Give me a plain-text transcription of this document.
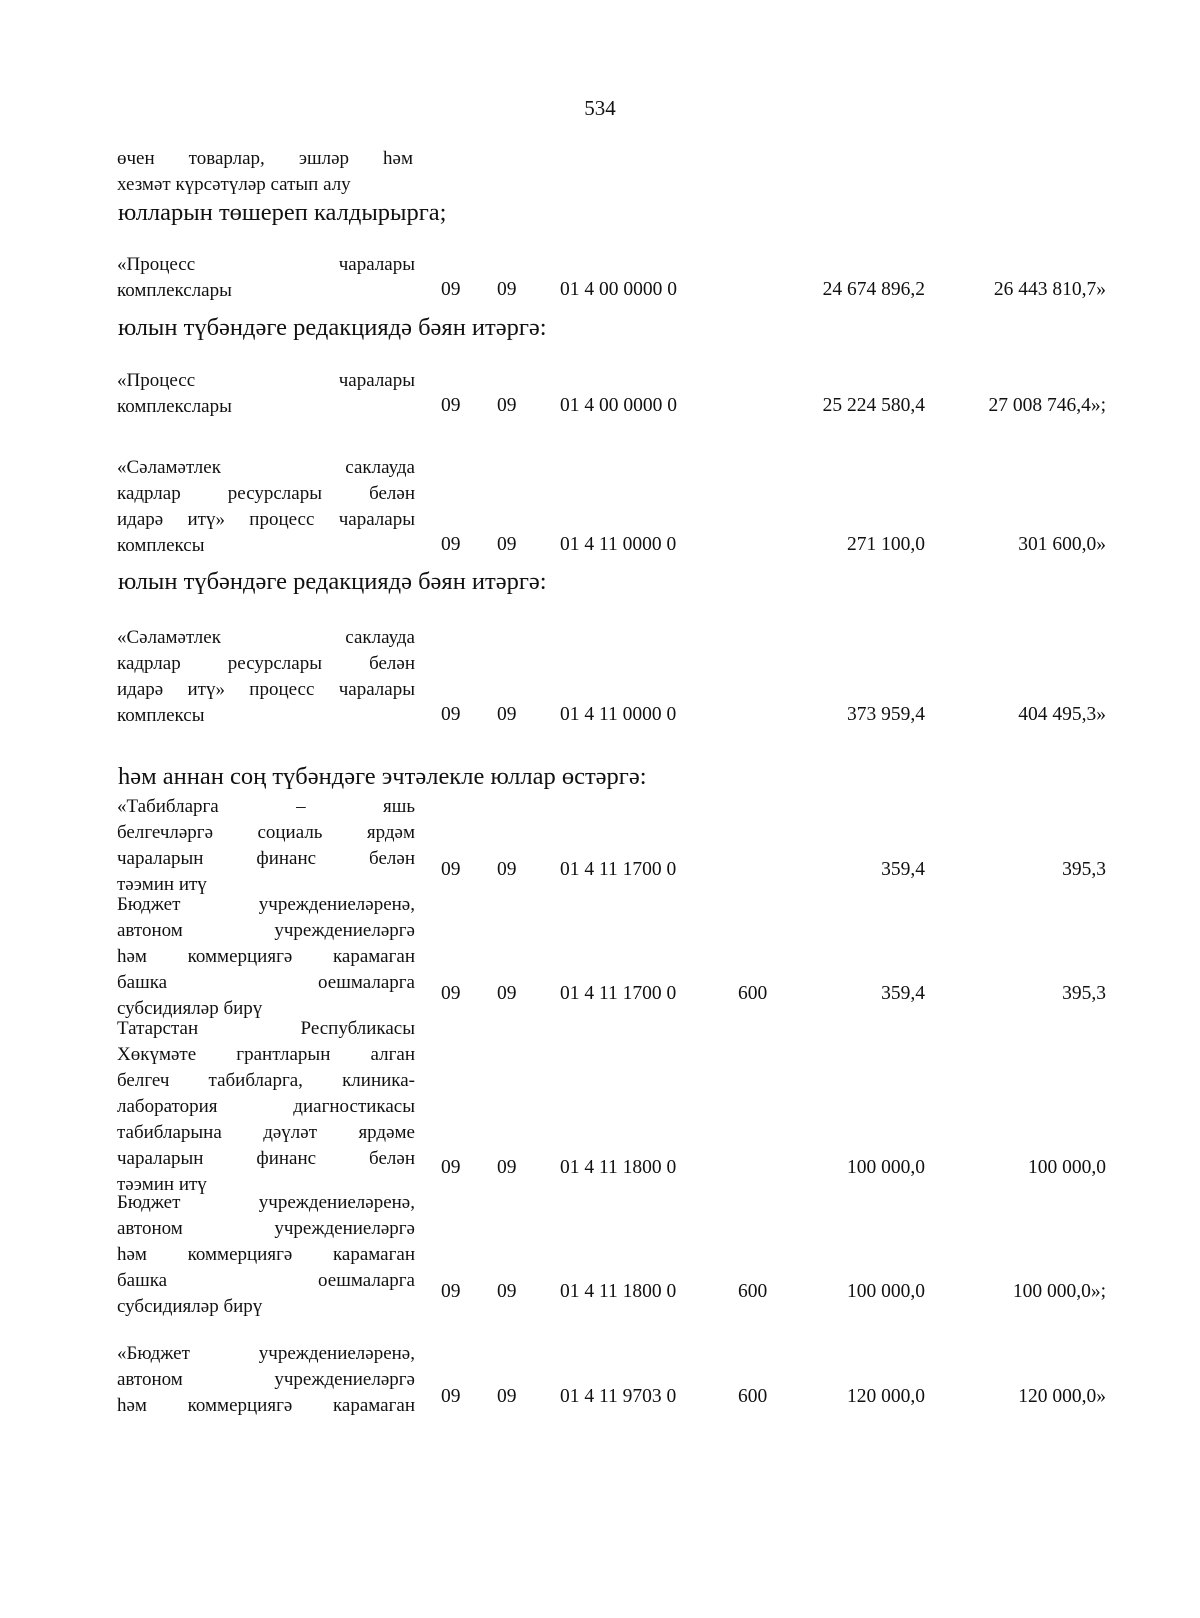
534
өчен товарлар, эшләр һәм
хезмәт күрсәтүләр сатып алу
юлларын төшереп калдырырга;
«Процесс чаралары
комплекслары	09	09	01 4 00 0000 0	24 674 896,2	26 443 810,7»
юлын түбәндәге редакциядә бәян итәргә:
«Процесс чаралары
комплекслары	09	09	01 4 00 0000 0	25 224 580,4	27 008 746,4»;
«Сәламәтлек саклауда
кадрлар ресурслары белән
идарә итү» процесс чаралары
комплексы	09	09	01 4 11 0000 0	271 100,0	301 600,0»
юлын түбәндәге редакциядә бәян итәргә:
«Сәламәтлек саклауда
кадрлар ресурслары белән
идарә итү» процесс чаралары
комплексы	09	09	01 4 11 0000 0	373 959,4	404 495,3»
һәм аннан соң түбәндәге эчтәлекле юллар өстәргә:
«Табибларга – яшь
белгечләргә социаль ярдәм
чараларын финанс белән
тәэмин итү
09	09	01 4 11 1700 0	359,4	395,3
Бюджет учреждениеләренә,
автоном учреждениеләргә
һәм коммерциягә карамаган
башка оешмаларга
субсидияләр бирү
09	09	01 4 11 1700 0	600	359,4	395,3
Татарстан Республикасы
Хөкүмәте грантларын алган
белгеч табибларга, клиника-
лаборатория диагностикасы
табибларына дәүләт ярдәме
чараларын финанс белән
тәэмин итү
09	09	01 4 11 1800 0	100 000,0	100 000,0
Бюджет учреждениеләренә,
автоном учреждениеләргә
һәм коммерциягә карамаган
башка оешмаларга
субсидияләр бирү
09	09	01 4 11 1800 0	600	100 000,0	100 000,0»;
«Бюджет учреждениеләренә,
автоном учреждениеләргә
һәм коммерциягә карамаган 09	09	01 4 11 9703 0	600	120 000,0	120 000,0»
